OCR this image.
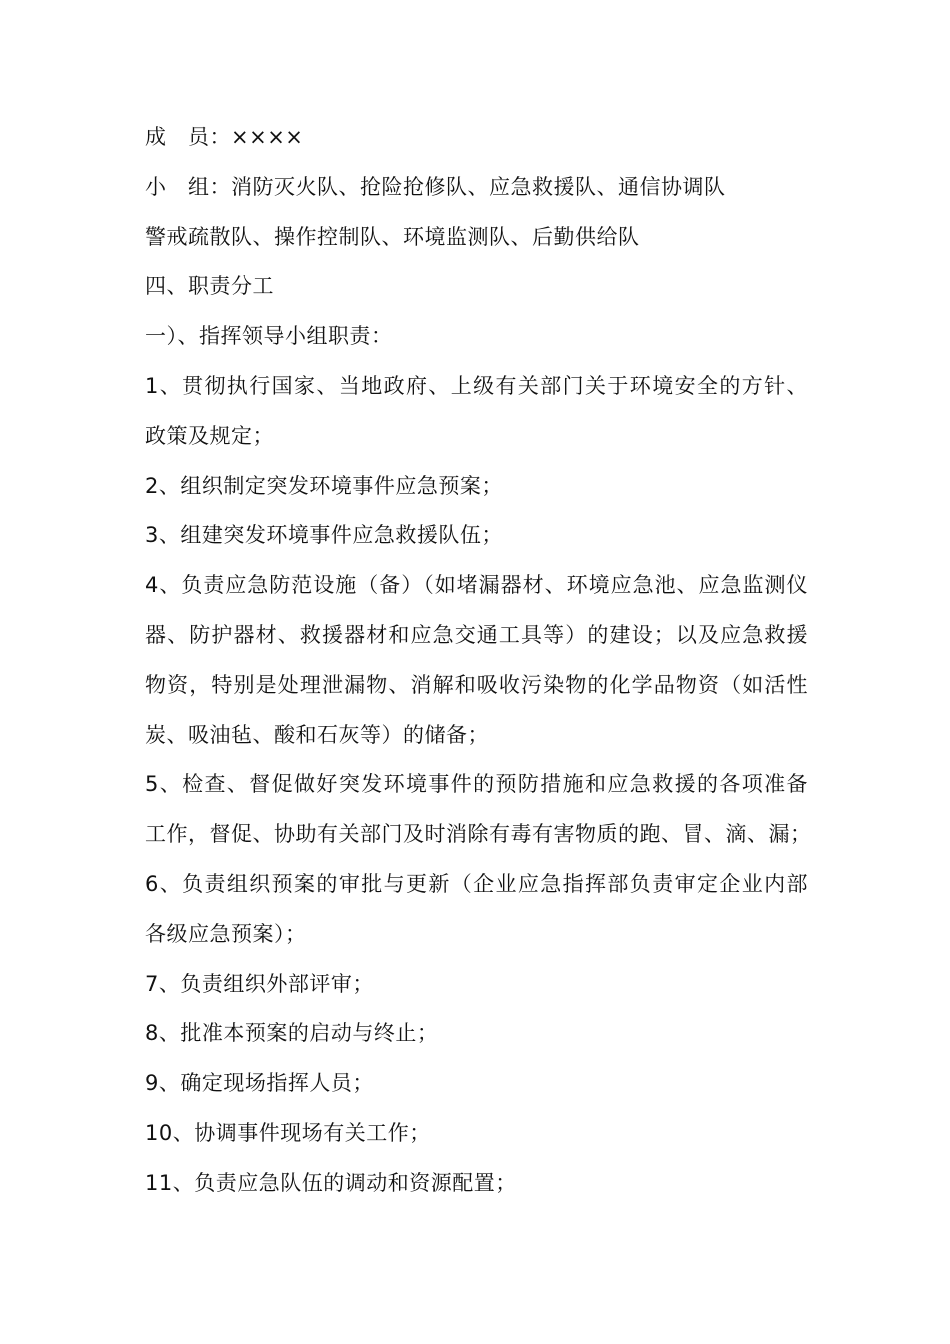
成　员：××××
小　组：消防灭火队、抢险抢修队、应急救援队、通信协调队
警戒疏散队、操作控制队、环境监测队、后勤供给队
四、职责分工
一）、指挥领导小组职责：
1、贯彻执行国家、当地政府、上级有关部门关于环境安全的方针、
政策及规定；
2、组织制定突发环境事件应急预案；
3、组建突发环境事件应急救援队伍；
4、负责应急防范设施（备）（如堵漏器材、环境应急池、应急监测仪
器、防护器材、救援器材和应急交通工具等）的建设；以及应急救援
物资，特别是处理泄漏物、消解和吸收污染物的化学品物资（如活性
炭、吸油毡、酸和石灰等）的储备；
5、检查、督促做好突发环境事件的预防措施和应急救援的各项准备
工作，督促、协助有关部门及时消除有毒有害物质的跑、冒、滴、漏；
6、负责组织预案的审批与更新（企业应急指挥部负责审定企业内部
各级应急预案）；
7、负责组织外部评审；
8、批准本预案的启动与终止；
9、确定现场指挥人员；
10、协调事件现场有关工作；
11、负责应急队伍的调动和资源配置；
